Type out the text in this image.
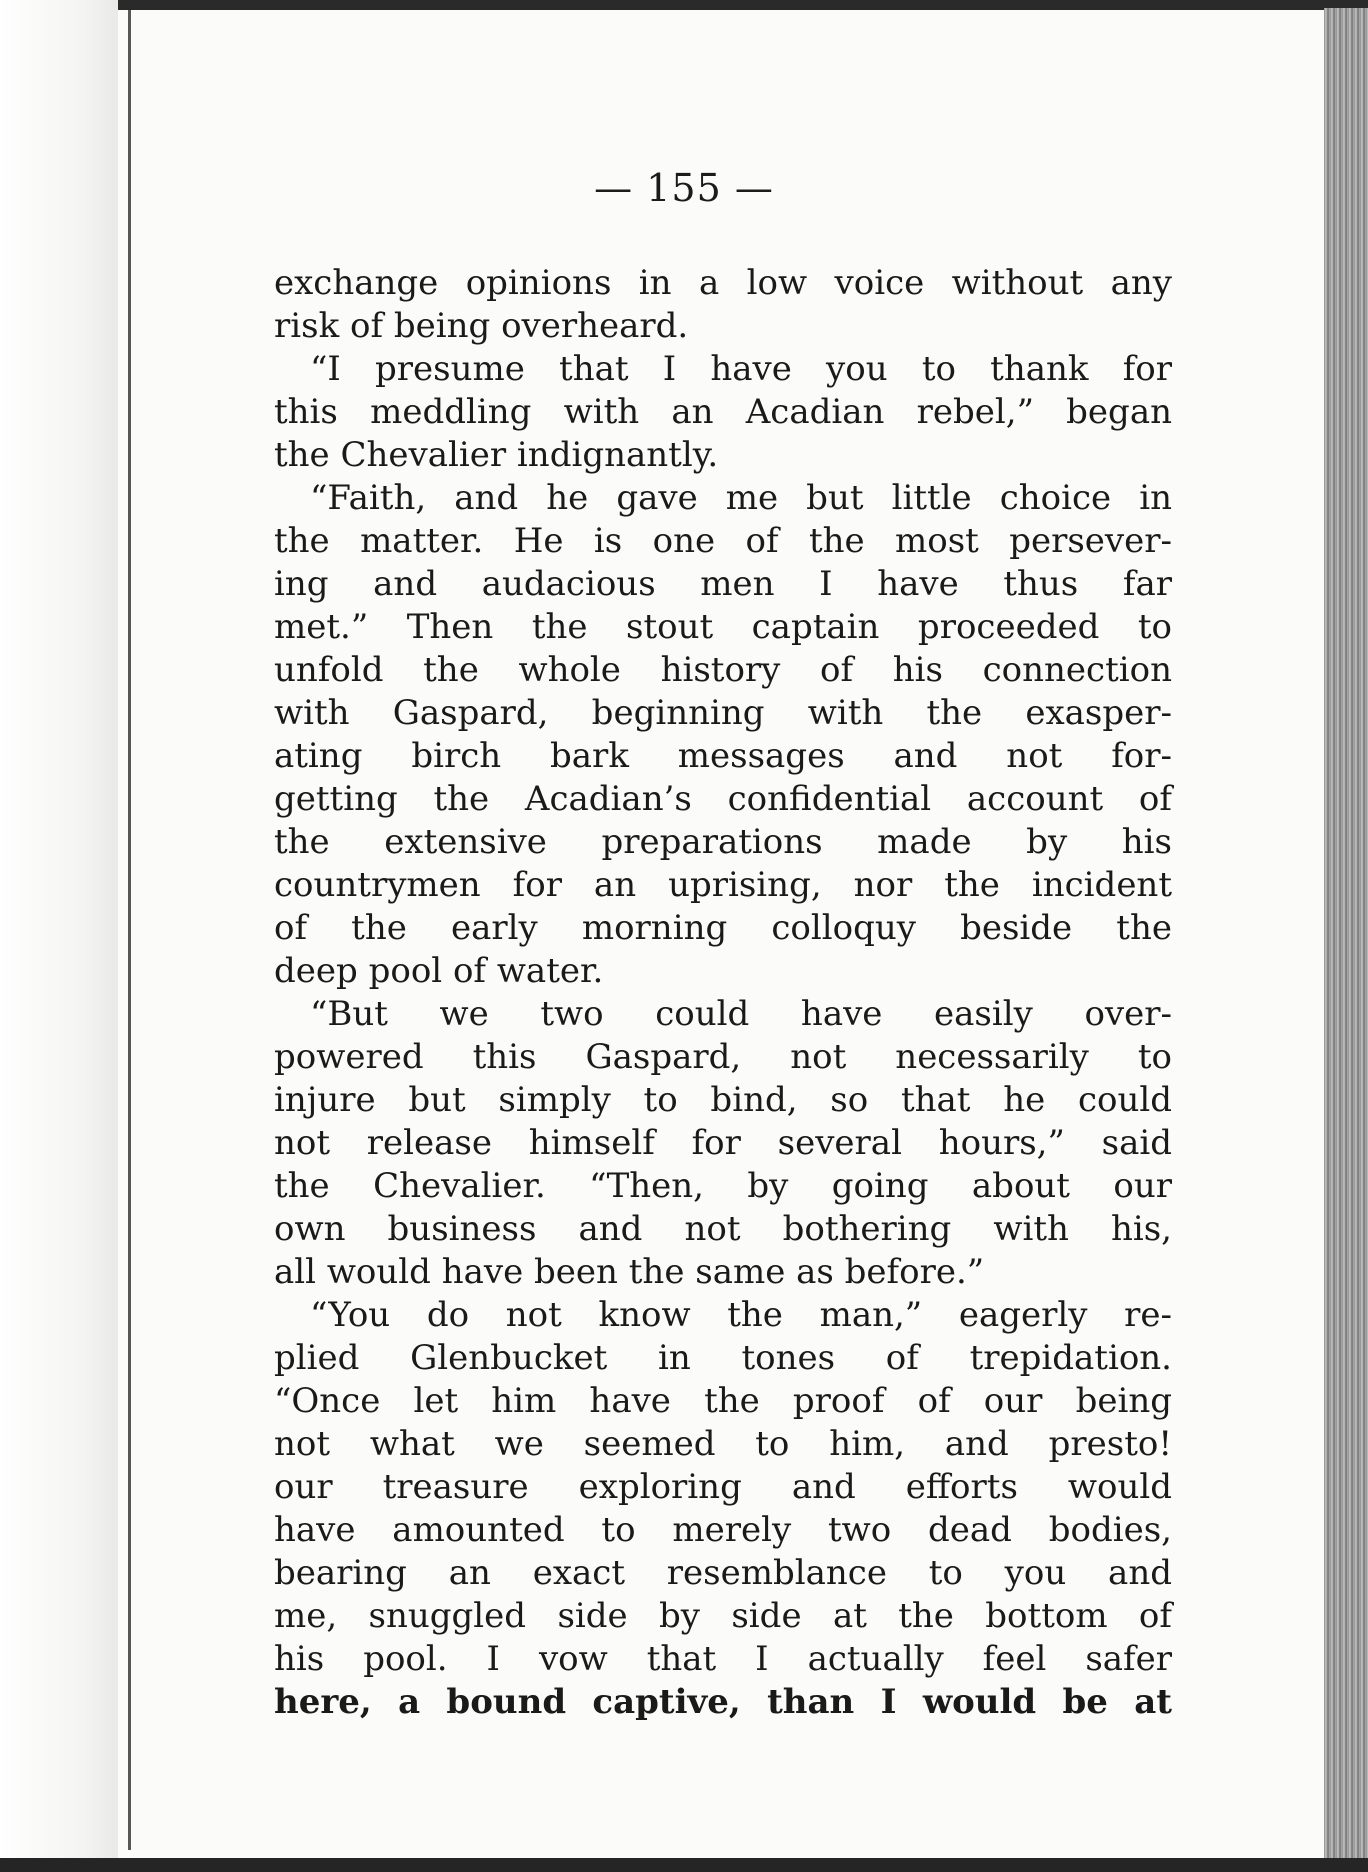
— 155 —
exchange opinions in a low voice without any
risk of being overheard.
“I presume that I have you to thank for
this meddling with an Acadian rebel,” began
the Chevalier indignantly.
“Faith, and he gave me but little choice in
the matter. He is one of the most persever-
ing and audacious men I have thus far
met.” Then the stout captain proceeded to
unfold the whole history of his connection
with Gaspard, beginning with the exasper-
ating birch bark messages and not for-
getting the Acadian’s confidential account of
the extensive preparations made by his
countrymen for an uprising, nor the incident
of the early morning colloquy beside the
deep pool of water.
“But we two could have easily over-
powered this Gaspard, not necessarily to
injure but simply to bind, so that he could
not release himself for several hours,” said
the Chevalier. “Then, by going about our
own business and not bothering with his,
all would have been the same as before.”
“You do not know the man,” eagerly re-
plied Glenbucket in tones of trepidation.
“Once let him have the proof of our being
not what we seemed to him, and presto!
our treasure exploring and efforts would
have amounted to merely two dead bodies,
bearing an exact resemblance to you and
me, snuggled side by side at the bottom of
his pool. I vow that I actually feel safer
here, a bound captive, than I would be at
